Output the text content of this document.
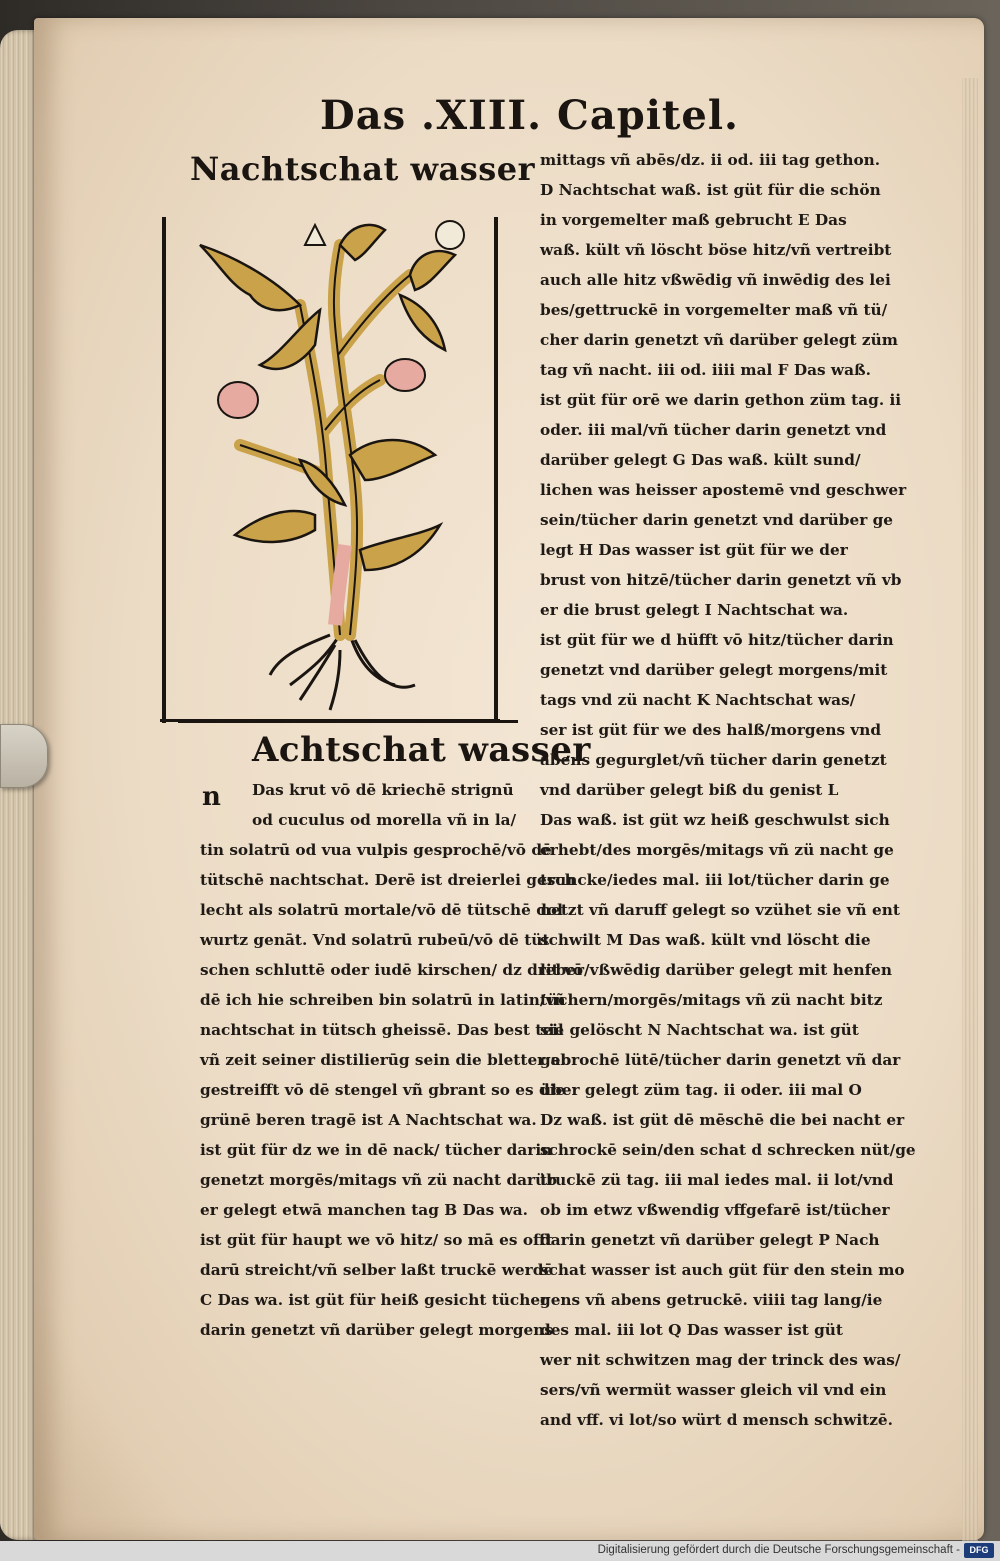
Das .XIII. Capitel.
Nachtschat wasser
Achtschat wasser
n	Das krut vō dē kriechē strignū
od cuculus od morella vñ in la/
tin solatrū od vua vulpis gesprochē/vō dē
tütschē nachtschat. Derē ist dreierlei gesch
lecht als solatrū mortale/vō dē tütschē dol
wurtz genāt. Vnd solatrū rubeū/vō dē tüt
schen schluttē oder iudē kirschen/ dz drit vō
dē ich hie schreiben bin solatrū in latin/vñ
nachtschat in tütsch gheissē. Das best teil
vñ zeit seiner distilierūg sein die bletter ab
gestreifft vō dē stengel vñ gbrant so es die
grünē beren tragē ist A Nachtschat wa.
ist güt für dz we in dē nack/ tücher darin
genetzt morgēs/mitags vñ zü nacht darüb
er gelegt etwā manchen tag B Das wa.
ist güt für haupt we vō hitz/ so mā es offt
darū streicht/vñ selber laßt truckē werdē
C Das wa. ist güt für heiß gesicht tücher
darin genetzt vñ darüber gelegt morgens
mittags vñ abēs/dz. ii od. iii tag gethon.
D Nachtschat waß. ist güt für die schön
in vorgemelter maß gebrucht E Das
waß. kült vñ löscht böse hitz/vñ vertreibt
auch alle hitz vßwēdig vñ inwēdig des lei
bes/gettruckē in vorgemelter maß vñ tü/
cher darin genetzt vñ darüber gelegt züm
tag vñ nacht. iii od. iiii mal F Das waß.
ist güt für orē we darin gethon züm tag. ii
oder. iii mal/vñ tücher darin genetzt vnd
darüber gelegt G Das waß. kült sund/
lichen was heisser apostemē vnd geschwer
sein/tücher darin genetzt vnd darüber ge
legt H Das wasser ist güt für we der
brust von hitzē/tücher darin genetzt vñ vb
er die brust gelegt I Nachtschat wa.
ist güt für we d hüfft vō hitz/tücher darin
genetzt vnd darüber gelegt morgens/mit
tags vnd zü nacht K Nachtschat was/
ser ist güt für we des halß/morgens vnd
abens gegurglet/vñ tücher darin genetzt
vnd darüber gelegt biß du genist L
Das waß. ist güt wz heiß geschwulst sich
erhebt/des morgēs/mitags vñ zü nacht ge
truncke/iedes mal. iii lot/tücher darin ge
netzt vñ daruff gelegt so vzühet sie vñ ent
schwilt M Das waß. kült vnd löscht die
leber/vßwēdig darüber gelegt mit henfen
tüchern/morgēs/mitags vñ zü nacht bitz
sie gelöscht N Nachtschat wa. ist güt
gebrochē lütē/tücher darin genetzt vñ dar
über gelegt züm tag. ii oder. iii mal O
Dz waß. ist güt dē mēschē die bei nacht er
schrockē sein/den schat d schrecken nüt/ge
truckē zü tag. iii mal iedes mal. ii lot/vnd
ob im etwz vßwendig vffgefarē ist/tücher
darin genetzt vñ darüber gelegt P Nach
schat wasser ist auch güt für den stein mo
gens vñ abens getruckē. viiii tag lang/ie
des mal. iii lot Q Das wasser ist güt
wer nit schwitzen mag der trinck des was/
sers/vñ wermüt wasser gleich vil vnd ein
and vff. vi lot/so würt d mensch schwitzē.
Digitalisierung gefördert durch die Deutsche Forschungsgemeinschaft -	DFG
